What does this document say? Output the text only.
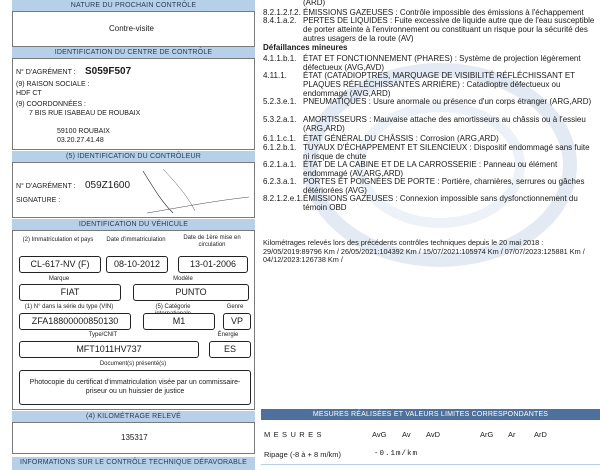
NATURE DU PROCHAIN CONTRÔLE
Contre-visite
IDENTIFICATION DU CENTRE DE CONTRÔLE
N° D'AGRÉMENT : S059F507
(9) RAISON SOCIALE :
HDF CT
(9) COORDONNÉES :
7 BIS RUE ISABEAU DE ROUBAIX
59100 ROUBAIX
03.20.27.41.48
(5) IDENTIFICATION DU CONTRÔLEUR
N° D'AGRÉMENT : 059Z1600
SIGNATURE :
IDENTIFICATION DU VÉHICULE
(2) Immatriculation et pays	Date d'immatriculation	Date de 1ère mise en circulation
CL-617-NV (F)	08-10-2012	13-01-2006
Marque	Modèle
FIAT	PUNTO
(1) N° dans la série du type (VIN)	(5) Catégorie	Genre
ZFA18800000850130	M1	VP
Type/CNIT	Énergie
MFT1011HV737	ES
Document(s) présenté(s)
Photocopie du certificat d'immatriculation visée par un commissaire-priseur ou un huissier de justice
(4) KILOMÉTRAGE RELEVÉ
135317
INFORMATIONS SUR LE CONTRÔLE TECHNIQUE DÉFAVORABLE
(ARD)
8.2.1.2.f.2. ÉMISSIONS GAZEUSES : Contrôle impossible des émissions à l'échappement
8.4.1.a.2. PERTES DE LIQUIDES : Fuite excessive de liquide autre que de l'eau susceptible de porter atteinte à l'environnement ou constituant un risque pour la sécurité des autres usagers de la route (AV)
4.1.1.b.1. ÉTAT ET FONCTIONNEMENT (PHARES) : Système de projection légèrement défectueux (AVG,AVD)
4.11.1.	ÉTAT (CATADIOPTRES, MARQUAGE DE VISIBILITÉ RÉFLÉCHISSANT ET PLAQUES RÉFLÉCHISSANTES ARRIÈRE) : Catadioptre défectueux ou endommagé (AVG,ARD)
5.2.3.e.1. PNEUMATIQUES : Usure anormale ou présence d'un corps étranger (ARG,ARD)
5.3.2.a.1. AMORTISSEURS : Mauvaise attache des amortisseurs au châssis ou à l'essieu (ARG,ARD)
6.1.1.c.1. ÉTAT GÉNÉRAL DU CHÂSSIS : Corrosion (ARG,ARD)
6.1.2.b.1. TUYAUX D'ÉCHAPPEMENT ET SILENCIEUX : Dispositif endommagé sans fuite ni risque de chute
6.2.1.a.1. ÉTAT DE LA CABINE ET DE LA CARROSSERIE : Panneau ou élément endommagé (AV,ARG,ARD)
6.2.3.a.1. PORTES ET POIGNÉES DE PORTE : Portière, charnières, serrures ou gâches détériorées (AVG)
8.2.1.2.e.1. ÉMISSIONS GAZEUSES : Connexion impossible sans dysfonctionnement du témoin OBD
Défaillances mineures
Kilométrages relevés lors des précédents contrôles techniques depuis le 20 mai 2018 : 29/05/2019:89796 Km / 26/05/2021:104392 Km / 15/07/2021:105974 Km / 07/07/2023:125881 Km / 04/12/2023:126738 Km /
MESURES RÉALISÉES ET VALEURS LIMITES CORRESPONDANTES
MESURES	AvG Av AvD	ArG Ar ArD
Ripage (-8 à + 8 m/km)	-0.1m/km
